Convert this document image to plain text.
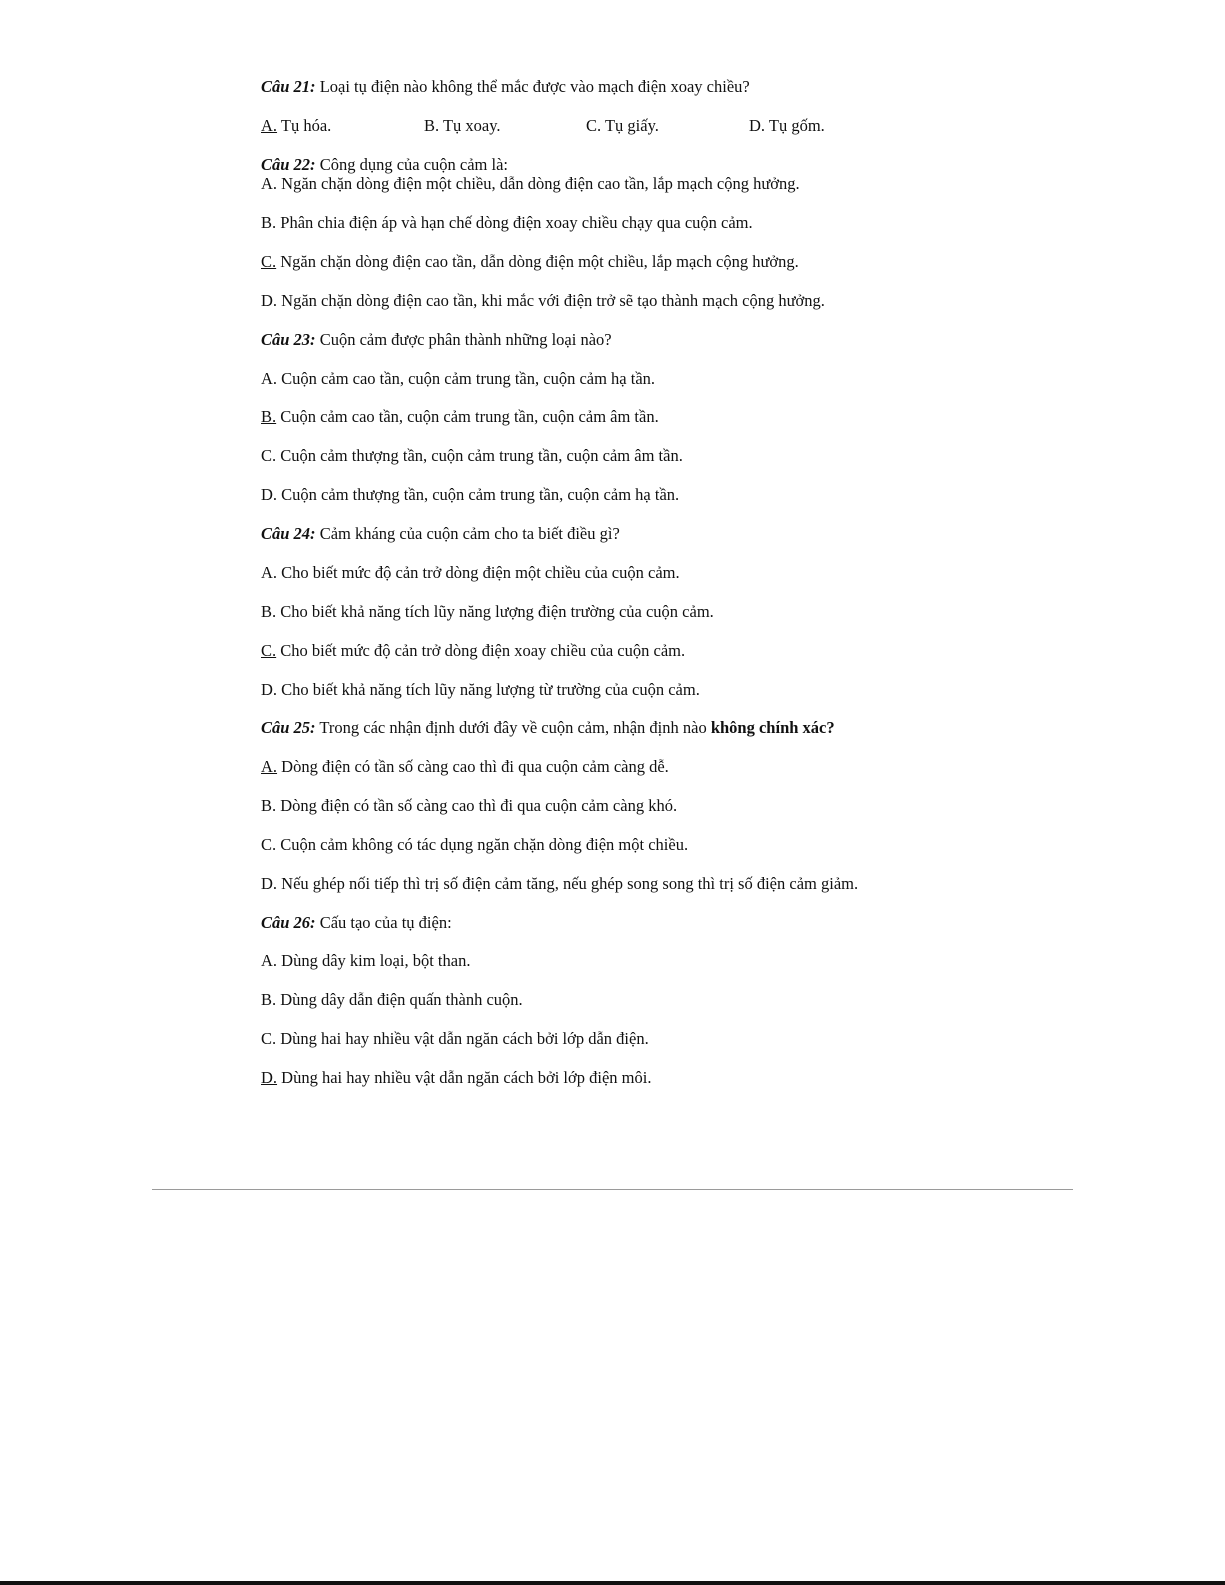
Câu 21: Loại tụ điện nào không thể mắc được vào mạch điện xoay chiều?
A. Tụ hóa.	B. Tụ xoay.	C. Tụ giấy.	D. Tụ gốm.
Câu 22: Công dụng của cuộn cảm là:
A. Ngăn chặn dòng điện một chiều, dẫn dòng điện cao tần, lắp mạch cộng hưởng.
B. Phân chia điện áp và hạn chế dòng điện xoay chiều chạy qua cuộn cảm.
C. Ngăn chặn dòng điện cao tần, dẫn dòng điện một chiều, lắp mạch cộng hưởng.
D. Ngăn chặn dòng điện cao tần, khi mắc với điện trở sẽ tạo thành mạch cộng hưởng.
Câu 23: Cuộn cảm được phân thành những loại nào?
A. Cuộn cảm cao tần, cuộn cảm trung tần, cuộn cảm hạ tần.
B. Cuộn cảm cao tần, cuộn cảm trung tần, cuộn cảm âm tần.
C. Cuộn cảm thượng tần, cuộn cảm trung tần, cuộn cảm âm tần.
D. Cuộn cảm thượng tần, cuộn cảm trung tần, cuộn cảm hạ tần.
Câu 24: Cảm kháng của cuộn cảm cho ta biết điều gì?
A. Cho biết mức độ cản trở dòng điện một chiều của cuộn cảm.
B. Cho biết khả năng tích lũy năng lượng điện trường của cuộn cảm.
C. Cho biết mức độ cản trở dòng điện xoay chiều của cuộn cảm.
D. Cho biết khả năng tích lũy năng lượng từ trường của cuộn cảm.
Câu 25: Trong các nhận định dưới đây về cuộn cảm, nhận định nào không chính xác?
A. Dòng điện có tần số càng cao thì đi qua cuộn cảm càng dễ.
B. Dòng điện có tần số càng cao thì đi qua cuộn cảm càng khó.
C. Cuộn cảm không có tác dụng ngăn chặn dòng điện một chiều.
D. Nếu ghép nối tiếp thì trị số điện cảm tăng, nếu ghép song song thì trị số điện cảm giảm.
Câu 26: Cấu tạo của tụ điện:
A. Dùng dây kim loại, bột than.
B. Dùng dây dẫn điện quấn thành cuộn.
C. Dùng hai hay nhiều vật dẫn ngăn cách bởi lớp dẫn điện.
D. Dùng hai hay nhiều vật dẫn ngăn cách bởi lớp điện môi.
